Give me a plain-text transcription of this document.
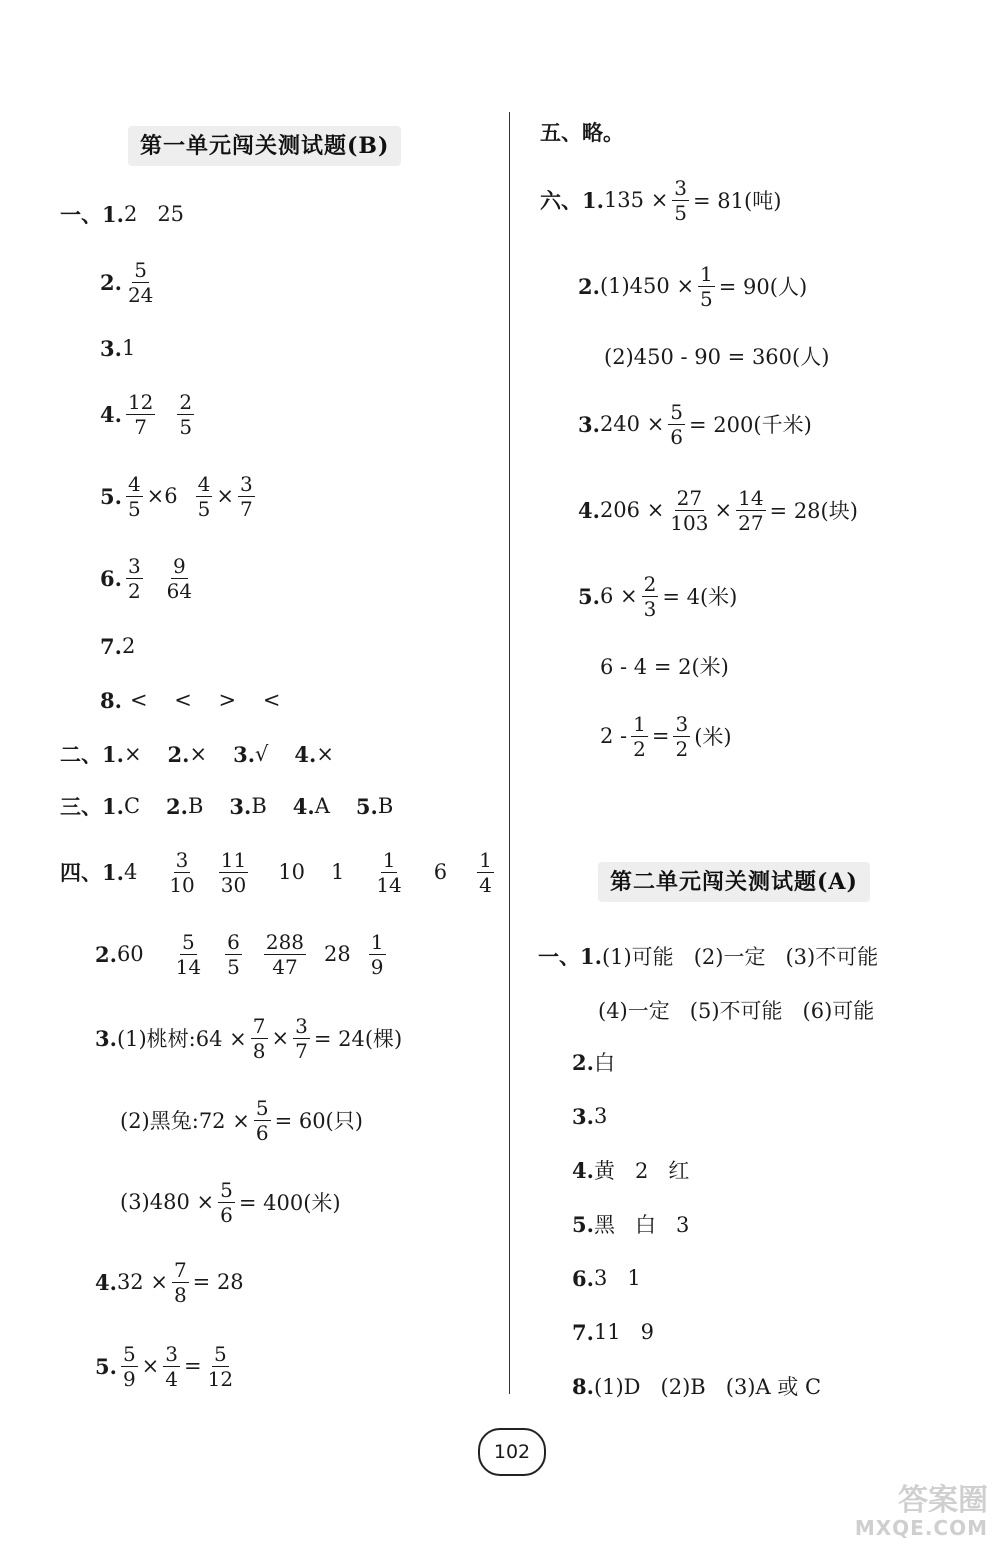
第一单元闯关测试题(B)
一、 1. 2   25
2. $\frac{5}{24}$
3. 1
4. $\frac{12}{7} \frac{2}{5}$
5. $\frac{4}{5} \times 6 \frac{4}{5} \times \frac{3}{7}$
6. $\frac{3}{2} \frac{9}{64}$
7. 2
8. <    <    >    <
二、 1. × 2. × 3. √ 4. ×
三、 1. C 2. B 3. B 4. A 5. B
四、 1. $4 \frac{3}{10} \frac{11}{30} 10$ $1 \frac{1}{14} 6 \frac{1}{4}$
2. $60 \frac{5}{14} \frac{6}{5} \frac{288}{47} 28 \frac{1}{9}$
3. (1)桃树:64 × $\frac{7}{8} \times \frac{3}{7} = 24$(棵)
(2)黑兔:72 × $\frac{5}{6} = 60$(只)
$(3)480 \times \frac{5}{6} = 400$(米)
4. $32 \times \frac{7}{8} = 28$
5. $\frac{5}{9} \times \frac{3}{4} = \frac{5}{12}$
五、略。
六、 1. $135 \times \frac{3}{5} = 81$(吨)
2. $(1)450 \times \frac{1}{5} = 90$(人)
(2)450 - 90 = 360(人)
3. $240 \times \frac{5}{6} = 200$(千米)
4. $206 \times \frac{27}{103} \times \frac{14}{27} = 28$(块)
5. $6 \times \frac{2}{3} = 4$(米)
6 - 4 = 2(米)
$2 - \frac{1}{2} = \frac{3}{2}$ (米)
第二单元闯关测试题(A)
一、 1. (1)可能   (2)一定   (3)不可能
(4)一定   (5)不可能   (6)可能
2. 白
3. 3
4. 黄   2   红
5. 黑   白   3
6. 3   1
7. 11   9
8. (1)D   (2)B   (3)A 或 C
102
答案圈
MXQE.COM
